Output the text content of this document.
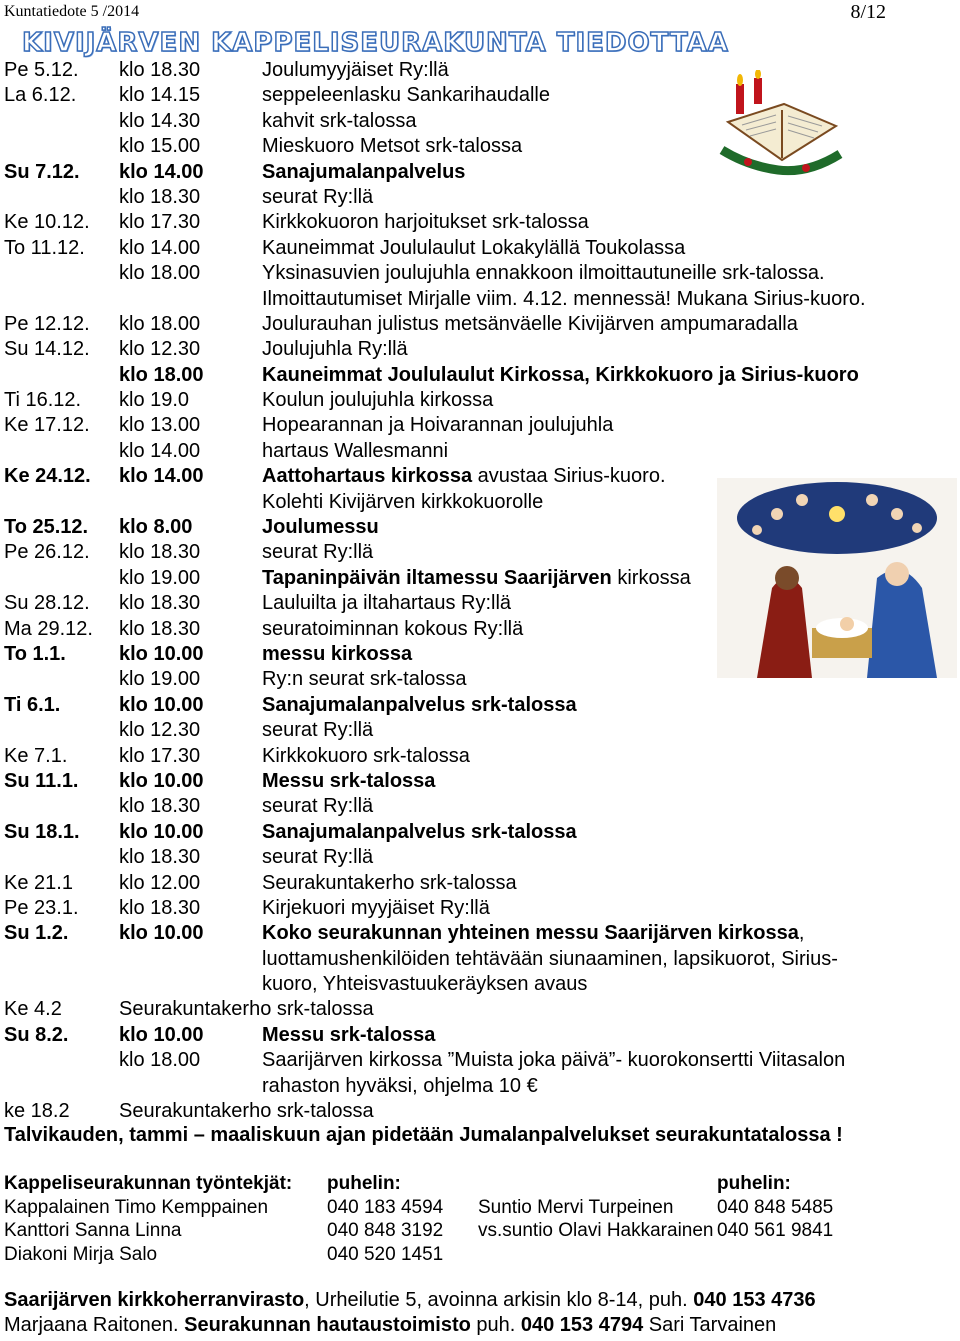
Kuntatiedote 5 /2014	8/12
KIVIJÄRVEN KAPPELISEURAKUNTA TIEDOTTAA
Pe 5.12. klo 18.30	Joulumyyjäiset Ry:llä
La 6.12. klo 14.15	seppeleenlasku Sankarihaudalle
klo 14.30	kahvit srk-talossa
klo 15.00	Mieskuoro Metsot srk-talossa
Su 7.12. klo 14.00	Sanajumalanpalvelus
klo 18.30	seurat Ry:llä
Ke 10.12. klo 17.30	Kirkkokuoron harjoitukset srk-talossa
To 11.12. klo 14.00	Kauneimmat Joululaulut Lokakylällä Toukolassa
klo 18.00	Yksinasuvien joulujuhla ennakkoon ilmoittautuneille srk-talossa.
Ilmoittautumiset Mirjalle viim. 4.12. mennessä! Mukana Sirius-kuoro.
Pe 12.12. klo 18.00	Joulurauhan julistus metsänväelle Kivijärven ampumaradalla
Su 14.12. klo 12.30	Joulujuhla Ry:llä
klo 18.00	Kauneimmat Joululaulut Kirkossa, Kirkkokuoro ja Sirius-kuoro
Ti 16.12. klo 19.0	Koulun joulujuhla kirkossa
Ke 17.12. klo 13.00	Hopearannan ja Hoivarannan joulujuhla
klo 14.00	hartaus Wallesmanni
Ke 24.12. klo 14.00	Aattohartaus kirkossa avustaa Sirius-kuoro.
Kolehti Kivijärven kirkkokuorolle
To 25.12. klo 8.00	Joulumessu
Pe 26.12. klo 18.30	seurat Ry:llä
klo 19.00	Tapaninpäivän iltamessu Saarijärven kirkossa
Su 28.12. klo 18.30	Lauluilta ja iltahartaus Ry:llä
Ma 29.12. klo 18.30	seuratoiminnan kokous Ry:llä
To 1.1.	klo 10.00	messu kirkossa
klo 19.00	Ry:n seurat srk-talossa
Ti 6.1.	klo 10.00	Sanajumalanpalvelus srk-talossa
klo 12.30	seurat Ry:llä
Ke 7.1.	klo 17.30	Kirkkokuoro srk-talossa
Su 11.1. klo 10.00	Messu srk-talossa
klo 18.30	seurat Ry:llä
Su 18.1. klo 10.00	Sanajumalanpalvelus srk-talossa
klo 18.30	seurat Ry:llä
Ke 21.1 klo 12.00	Seurakuntakerho srk-talossa
Pe 23.1. klo 18.30	Kirjekuori myyjäiset Ry:llä
Su 1.2.	klo 10.00	Koko seurakunnan yhteinen messu Saarijärven kirkossa,
luottamushenkilöiden tehtävään siunaaminen, lapsikuorot, Sirius-
kuoro, Yhteisvastuukeräyksen avaus
Ke 4.2	Seurakuntakerho srk-talossa
Su 8.2.	klo 10.00	Messu srk-talossa
klo 18.00	Saarijärven kirkossa ”Muista joka päivä”- kuorokonsertti Viitasalon
rahaston hyväksi, ohjelma 10 €
ke 18.2 Seurakuntakerho srk-talossa
Talvikauden, tammi – maaliskuun ajan pidetään Jumalanpalvelukset seurakuntatalossa !
Kappeliseurakunnan työntekjät: puhelin:	puhelin:
Kappalainen Timo Kemppainen	040 183 4594 Suntio Mervi Turpeinen 040 848 5485
Kanttori Sanna Linna	040 848 3192 vs.suntio Olavi Hakkarainen 040 561 9841
Diakoni Mirja Salo	040 520 1451
Saarijärven kirkkoherranvirasto, Urheilutie 5, avoinna arkisin klo 8-14, puh. 040 153 4736
Marjaana Raitonen. Seurakunnan hautaustoimisto puh. 040 153 4794 Sari Tarvainen
